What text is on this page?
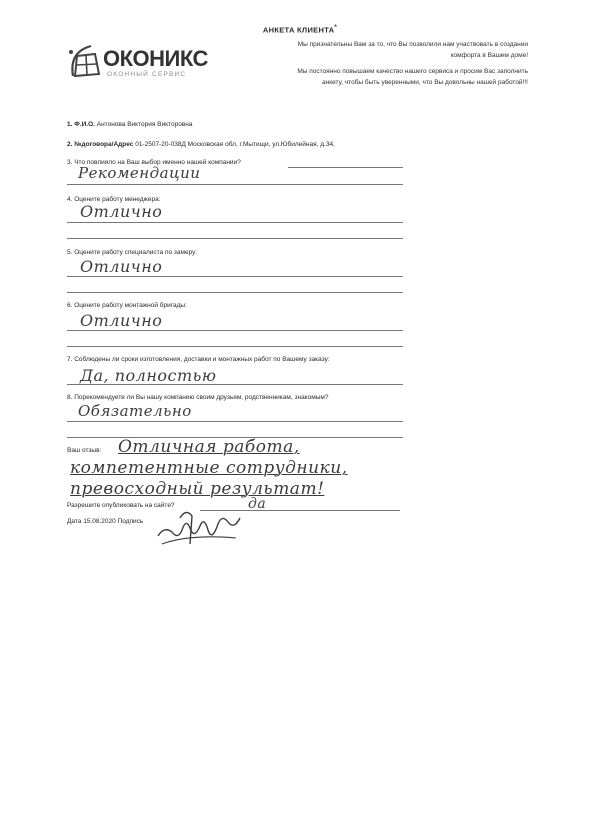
АНКЕТА КЛИЕНТА*
ОКОНИКС
ОКОННЫЙ СЕРВИС
Мы признательны Вам за то, что Вы позволили нам участвовать в создании комфорта в Вашем доме!
Мы постоянно повышаем качество нашего сервиса и просим Вас заполнить анкету, чтобы быть уверенными, что Вы довольны нашей работой!!!
1. Ф.И.О. Антонова Виктория Викторовна
2. №договора/Адрес 01-2507-20-038Д Московская обл, г.Мытищи, ул.Юбилейная, д.34,
3. Что повлияло на Ваш выбор именно нашей компании?
Рекомендации
4. Оцените работу менеджера:
Отлично
5. Оцените работу специалиста по замеру:
Отлично
6. Оцените работу монтажной бригады:
Отлично
7. Соблюдены ли сроки изготовления, доставки и монтажных работ по Вашему заказу:
Да, полностью
8. Порекомендуете ли Вы нашу компанию своим друзьям, родственникам, знакомым?
Обязательно
Ваш отзыв: Отличная работа,
компетентные сотрудники,
превосходный результат!
Разрешите опубликовать на сайте?	да
Дата 15.08.2020 Подпись
